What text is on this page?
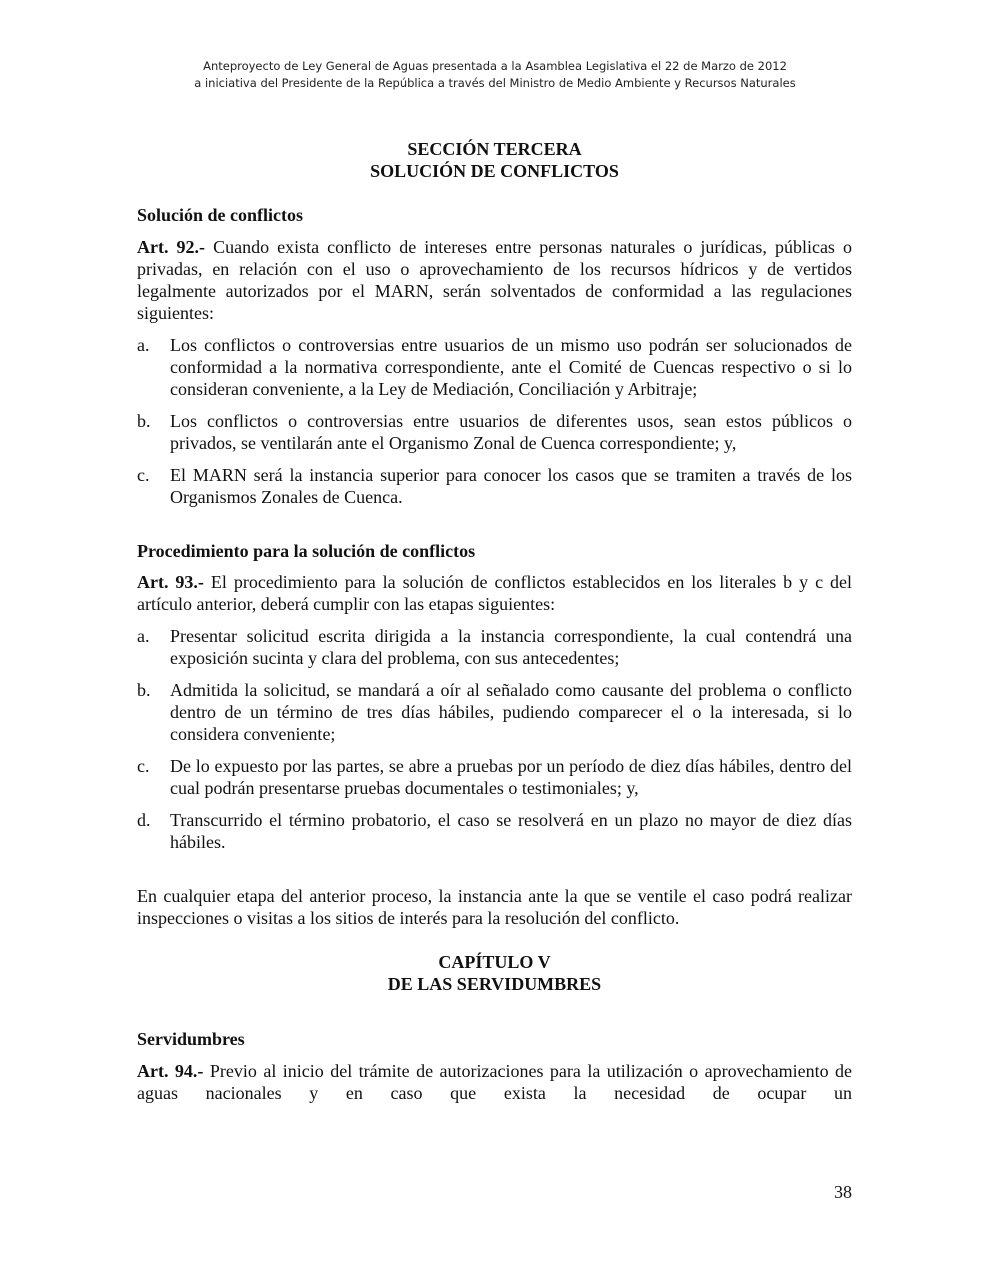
Anteproyecto de Ley General de Aguas presentada a la Asamblea Legislativa el 22 de Marzo de 2012
a iniciativa del Presidente de la República a través del Ministro de Medio Ambiente y Recursos Naturales
SECCIÓN TERCERA
SOLUCIÓN DE CONFLICTOS
Solución de conflictos

Art. 92.- Cuando exista conflicto de intereses entre personas naturales o jurídicas, públicas o privadas, en relación con el uso o aprovechamiento de los recursos hídricos y de vertidos legalmente autorizados por el MARN, serán solventados de conformidad a las regulaciones siguientes:

a. Los conflictos o controversias entre usuarios de un mismo uso podrán ser solucionados de conformidad a la normativa correspondiente, ante el Comité de Cuencas respectivo o si lo consideran conveniente, a la Ley de Mediación, Conciliación y Arbitraje;
b. Los conflictos o controversias entre usuarios de diferentes usos, sean estos públicos o privados, se ventilarán ante el Organismo Zonal de Cuenca correspondiente; y,
c. El MARN será la instancia superior para conocer los casos que se tramiten a través de los Organismos Zonales de Cuenca.
Procedimiento para la solución de conflictos

Art. 93.- El procedimiento para la solución de conflictos establecidos en los literales b y c del artículo anterior, deberá cumplir con las etapas siguientes:

a. Presentar solicitud escrita dirigida a la instancia correspondiente, la cual contendrá una exposición sucinta y clara del problema, con sus antecedentes;
b. Admitida la solicitud, se mandará a oír al señalado como causante del problema o conflicto dentro de un término de tres días hábiles, pudiendo comparecer el o la interesada, si lo considera conveniente;
c. De lo expuesto por las partes, se abre a pruebas por un período de diez días hábiles, dentro del cual podrán presentarse pruebas documentales o testimoniales; y,
d. Transcurrido el término probatorio, el caso se resolverá en un plazo no mayor de diez días hábiles.

En cualquier etapa del anterior proceso, la instancia ante la que se ventile el caso podrá realizar inspecciones o visitas a los sitios de interés para la resolución del conflicto.

CAPÍTULO V
DE LAS SERVIDUMBRES
Servidumbres

Art. 94.- Previo al inicio del trámite de autorizaciones para la utilización o aprovechamiento de aguas nacionales y en caso que exista la necesidad de ocupar un

38
